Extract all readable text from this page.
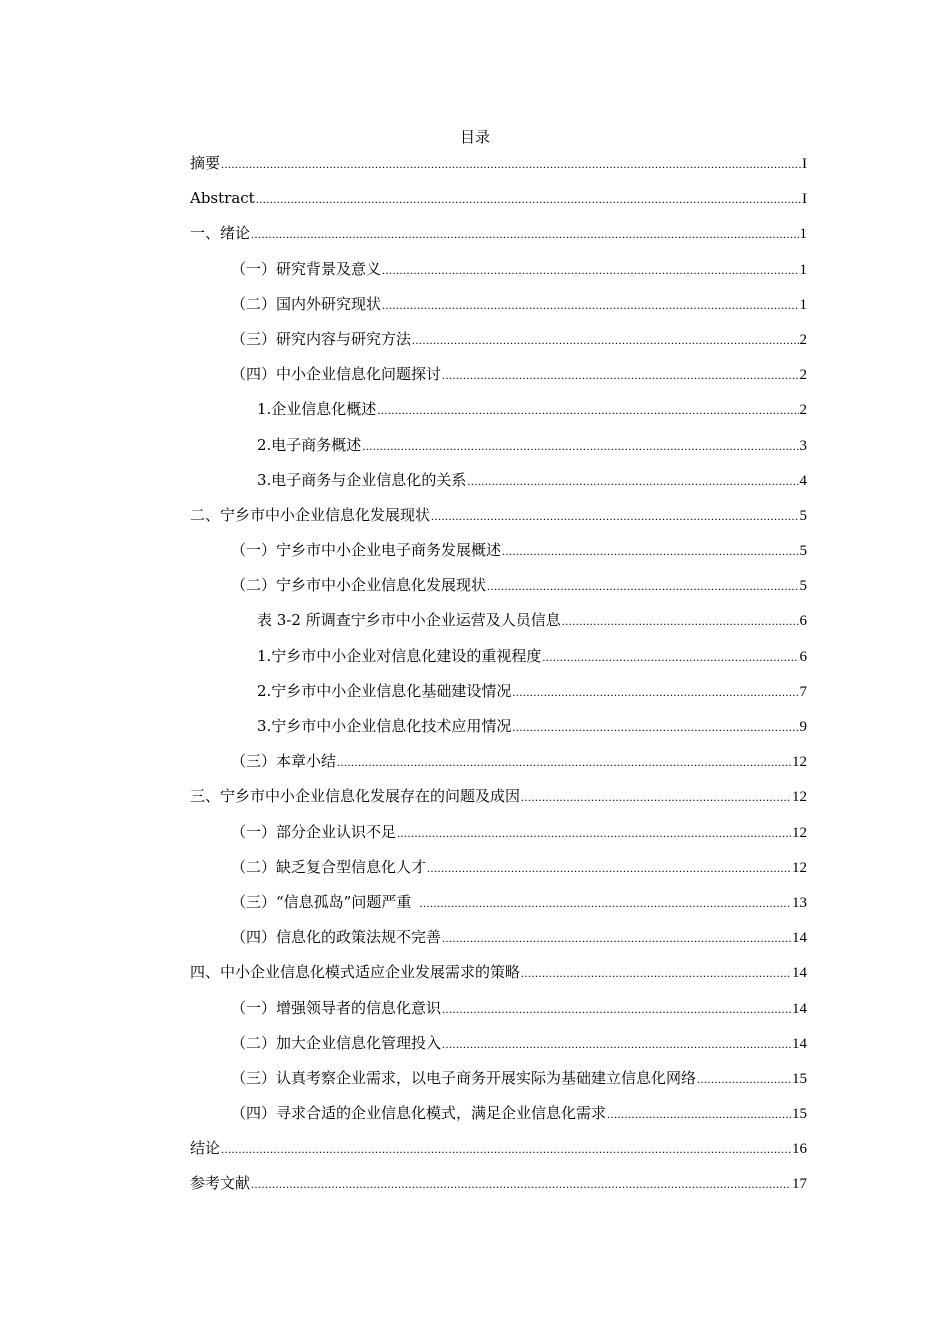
目录
摘要 .....	I
Abstract .....	I
一、绪论 .....	1
（一）研究背景及意义 .....	1
（二）国内外研究现状 .....	1
（三）研究内容与研究方法 .....	2
（四）中小企业信息化问题探讨 .....	2
1.企业信息化概述 .....	2
2.电子商务概述 .....	3
3.电子商务与企业信息化的关系 .....	4
二、宁乡市中小企业信息化发展现状 .....	5
（一）宁乡市中小企业电子商务发展概述 .....	5
（二）宁乡市中小企业信息化发展现状 .....	5
表 3-2 所调查宁乡市中小企业运营及人员信息 .....	6
1.宁乡市中小企业对信息化建设的重视程度 .....	6
2.宁乡市中小企业信息化基础建设情况 .....	7
3.宁乡市中小企业信息化技术应用情况 .....	9
（三）本章小结 .....	12
三、宁乡市中小企业信息化发展存在的问题及成因 .....	12
（一）部分企业认识不足 .....	12
（二）缺乏复合型信息化人才 .....	12
（三）“信息孤岛”问题严重 .....	13
（四）信息化的政策法规不完善 .....	14
四、中小企业信息化模式适应企业发展需求的策略 .....	14
（一）增强领导者的信息化意识 .....	14
（二）加大企业信息化管理投入 .....	14
（三）认真考察企业需求，以电子商务开展实际为基础建立信息化网络 .....	15
（四）寻求合适的企业信息化模式，满足企业信息化需求 .....	15
结论 .....	16
参考文献 .....	17
